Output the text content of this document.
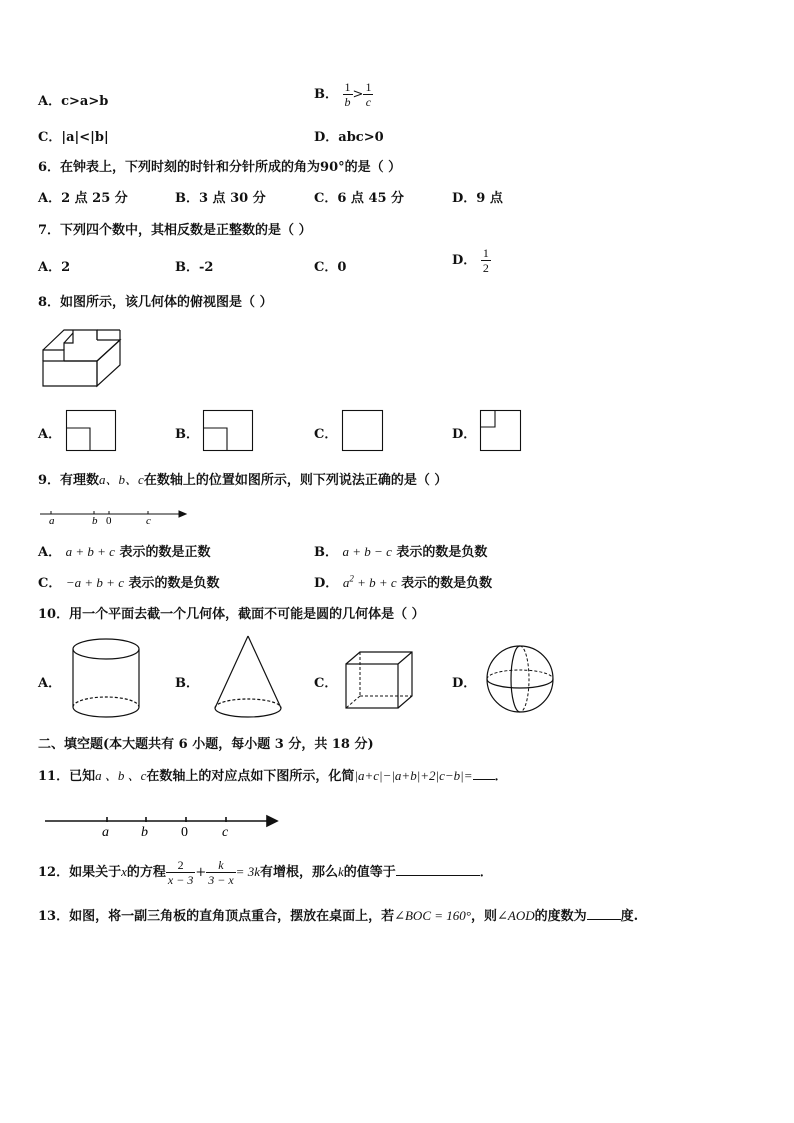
A．c>a>b	B． $\frac{1}{b} > \frac{1}{c}$
C．|a|<|b|	D．abc>0
6．在钟表上，下列时刻的时针和分针所成的角为90°的是（ ）
A．2 点 25 分	B．3 点 30 分	C．6 点 45 分	D．9 点
7．下列四个数中，其相反数是正整数的是（ ）
A．2	B．-2	C．0	D． $\frac{1}{2}$
8．如图所示，该几何体的俯视图是（ ）
A．	B．	C．	D．
9．有理数a、b、c在数轴上的位置如图所示，则下列说法正确的是（ ）
a	b 0	c
A． a + b + c 表示的数是正数	B． a + b − c 表示的数是负数
C． −a + b + c 表示的数是负数	D． $a^2 + b + c$ 表示的数是负数
10．用一个平面去截一个几何体，截面不可能是圆的几何体是（ ）
A．	B．	C．	D．
二、填空题(本大题共有 6 小题，每小题 3 分，共 18 分)
11．已知a 、b 、c在数轴上的对应点如下图所示，化简|a+c|−|a+b|+2|c−b|= ．
a b 0 c
12．如果关于x的方程 $\frac{2}{x - 3} + \frac{k}{3 - x} = 3k$有增根，那么k的值等于	．
13．如图，将一副三角板的直角顶点重合，摆放在桌面上，若∠BOC = 160°，则∠AOD的度数为	度.
